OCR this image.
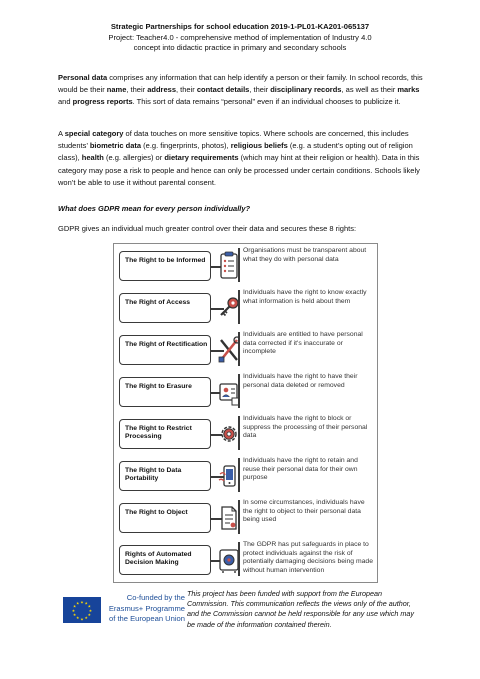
Strategic Partnerships for school education 2019-1-PL01-KA201-065137
Project: Teacher4.0 - comprehensive method of implementation of Industry 4.0
concept into didactic practice in primary and secondary schools
Personal data comprises any information that can help identify a person or their family. In school records, this would be their name, their address, their contact details, their disciplinary records, as well as their marks and progress reports. This sort of data remains “personal” even if an individual chooses to publicize it.
A special category of data touches on more sensitive topics. Where schools are concerned, this includes students’ biometric data (e.g. fingerprints, photos), religious beliefs (e.g. a student’s opting out of religion class), health (e.g. allergies) or dietary requirements (which may hint at their religion or health). Data in this category may pose a risk to people and hence can only be processed under certain conditions. Schools likely won’t be able to use it without parental consent.
What does GDPR mean for every person individually?
GDPR gives an individual much greater control over their data and secures these 8 rights:
The Right to be Informed
Organisations must be transparent about what they do with personal data
The Right of Access
Individuals have the right to know exactly what information is held about them
The Right of Rectification
Individuals are entitled to have personal data corrected if it's inaccurate or incomplete
The Right to Erasure
Individuals have the right to have their personal data deleted or removed
The Right to Restrict Processing
Individuals have the right to block or suppress the processing of their personal data
The Right to Data Portability
Individuals have the right to retain and reuse their personal data for their own purpose
The Right to Object
In some circumstances, individuals have the right to object to their personal data being used
Rights of Automated Decision Making
The GDPR has put safeguards in place to protect individuals against the risk of potentially damaging decisions being made without human intervention
★ ★
★
★
★
★
★
★
★
★
★
★
Co-funded by the
Erasmus+ Programme
of the European Union
This project has been funded with support from the European Commission. This communication reflects the views only of the author, and the Commission cannot be held responsible for any use which may be made of the information contained therein.
